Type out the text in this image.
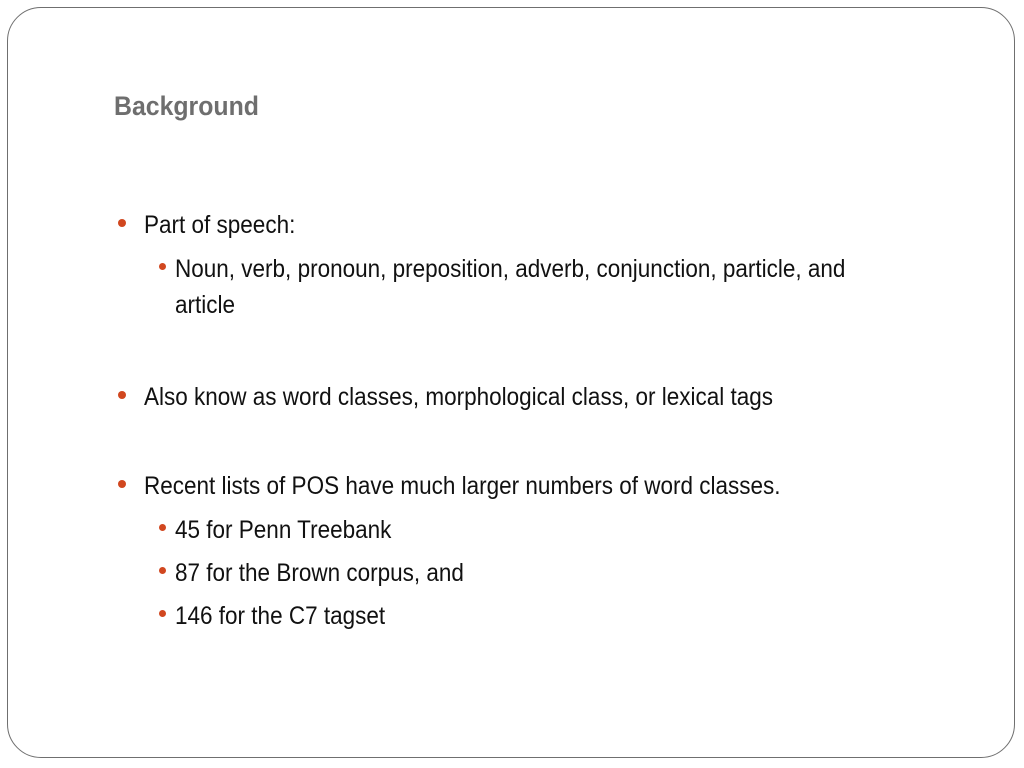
Background
Part of speech:
Noun, verb, pronoun, preposition, adverb, conjunction, particle, and
article
Also know as word classes, morphological class, or lexical tags
Recent lists of POS have much larger numbers of word classes.
45 for Penn Treebank
87 for the Brown corpus, and
146 for the C7 tagset
